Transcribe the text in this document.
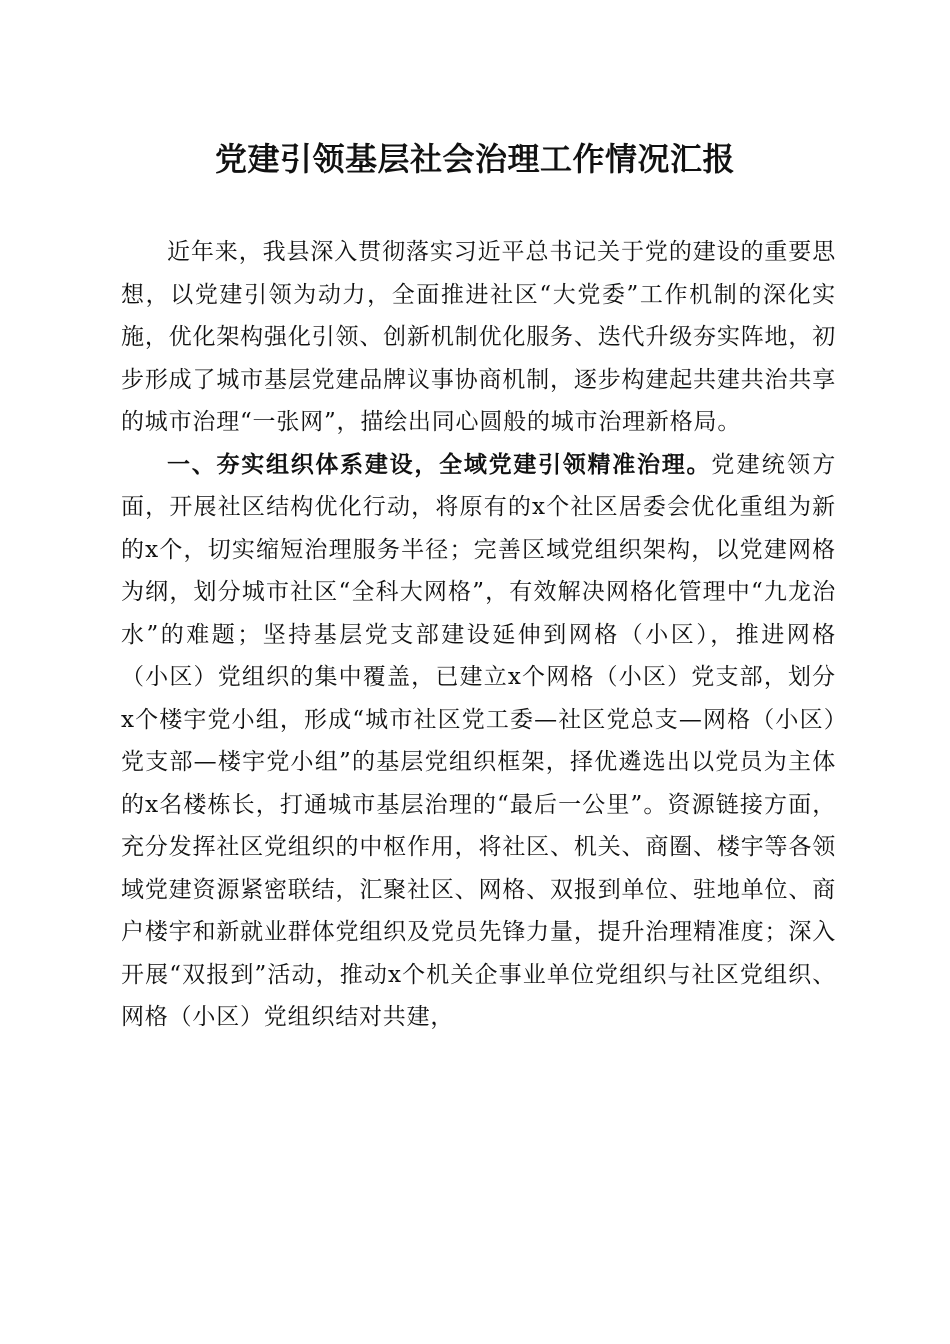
党建引领基层社会治理工作情况汇报

近年来，我县深入贯彻落实习近平总书记关于党的建设的重要思想，以党建引领为动力，全面推进社区“大党委”工作机制的深化实施，优化架构强化引领、创新机制优化服务、迭代升级夯实阵地，初步形成了城市基层党建品牌议事协商机制，逐步构建起共建共治共享的城市治理“一张网”，描绘出同心圆般的城市治理新格局。

一、夯实组织体系建设，全域党建引领精准治理。党建统领方面，开展社区结构优化行动，将原有的x个社区居委会优化重组为新的x个，切实缩短治理服务半径；完善区域党组织架构，以党建网格为纲，划分城市社区“全科大网格”，有效解决网格化管理中“九龙治水”的难题；坚持基层党支部建设延伸到网格（小区），推进网格（小区）党组织的集中覆盖，已建立x个网格（小区）党支部，划分x个楼宇党小组，形成“城市社区党工委—社区党总支—网格（小区）党支部—楼宇党小组”的基层党组织框架，择优遴选出以党员为主体的x名楼栋长，打通城市基层治理的“最后一公里”。资源链接方面，充分发挥社区党组织的中枢作用，将社区、机关、商圈、楼宇等各领域党建资源紧密联结，汇聚社区、网格、双报到单位、驻地单位、商户楼宇和新就业群体党组织及党员先锋力量，提升治理精准度；深入开展“双报到”活动，推动x个机关企事业单位党组织与社区党组织、网格（小区）党组织结对共建，
